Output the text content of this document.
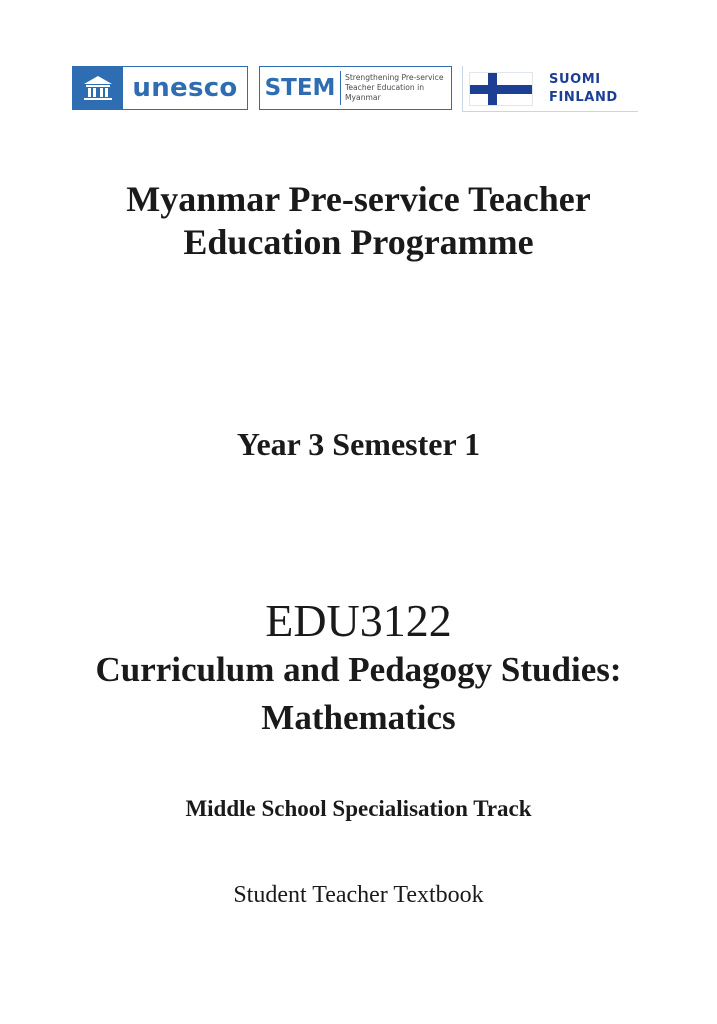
unesco	STEM	Strengthening Pre-service Teacher Education in Myanmar
SUOMI
FINLAND
Myanmar Pre-service Teacher
Education Programme
Year 3 Semester 1
EDU3122
Curriculum and Pedagogy Studies:
Mathematics
Middle School Specialisation Track
Student Teacher Textbook
